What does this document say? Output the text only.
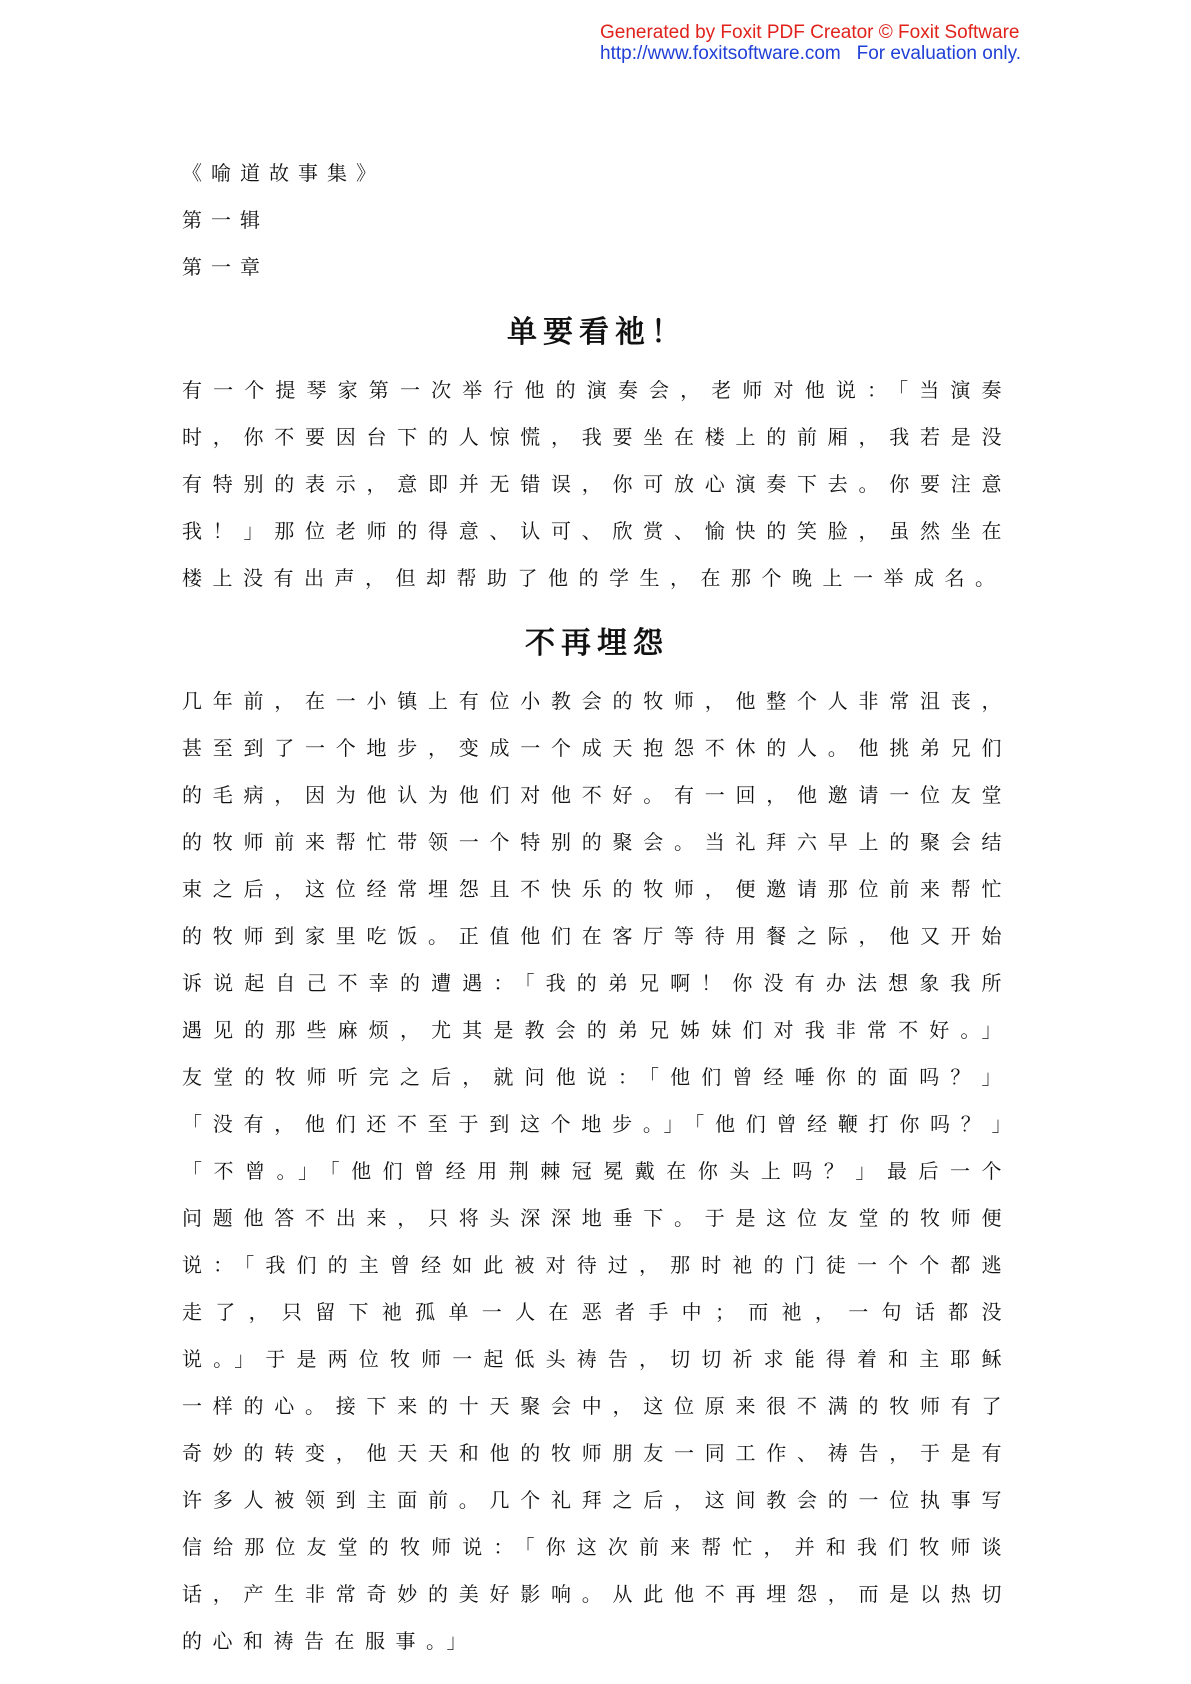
Generated by Foxit PDF Creator © Foxit Software
http://www.foxitsoftware.com   For evaluation only.
《喻道故事集》
第一辑
第一章
单要看祂！

有一个提琴家第一次举行他的演奏会，老师对他说：「当演奏时，你不要因台下的人惊慌，我要坐在楼上的前厢，我若是没有特别的表示，意即并无错误，你可放心演奏下去。你要注意我！」那位老师的得意、认可、欣赏、愉快的笑脸，虽然坐在楼上没有出声，但却帮助了他的学生，在那个晚上一举成名。

不再埋怨

几年前，在一小镇上有位小教会的牧师，他整个人非常沮丧，甚至到了一个地步，变成一个成天抱怨不休的人。他挑弟兄们的毛病，因为他认为他们对他不好。有一回，他邀请一位友堂的牧师前来帮忙带领一个特别的聚会。当礼拜六早上的聚会结束之后，这位经常埋怨且不快乐的牧师，便邀请那位前来帮忙的牧师到家里吃饭。正值他们在客厅等待用餐之际，他又开始诉说起自己不幸的遭遇：「我的弟兄啊！你没有办法想象我所遇见的那些麻烦，尤其是教会的弟兄姊妹们对我非常不好。」友堂的牧师听完之后，就问他说：「他们曾经唾你的面吗？」「没有，他们还不至于到这个地步。」「他们曾经鞭打你吗？」「不曾。」「他们曾经用荆棘冠冕戴在你头上吗？」最后一个问题他答不出来，只将头深深地垂下。于是这位友堂的牧师便说：「我们的主曾经如此被对待过，那时祂的门徒一个个都逃走了，只留下祂孤单一人在恶者手中；而祂，一句话都没说。」于是两位牧师一起低头祷告，切切祈求能得着和主耶稣一样的心。接下来的十天聚会中，这位原来很不满的牧师有了奇妙的转变，他天天和他的牧师朋友一同工作、祷告，于是有许多人被领到主面前。几个礼拜之后，这间教会的一位执事写信给那位友堂的牧师说：「你这次前来帮忙，并和我们牧师谈话，产生非常奇妙的美好影响。从此他不再埋怨，而是以热切的心和祷告在服事。」
